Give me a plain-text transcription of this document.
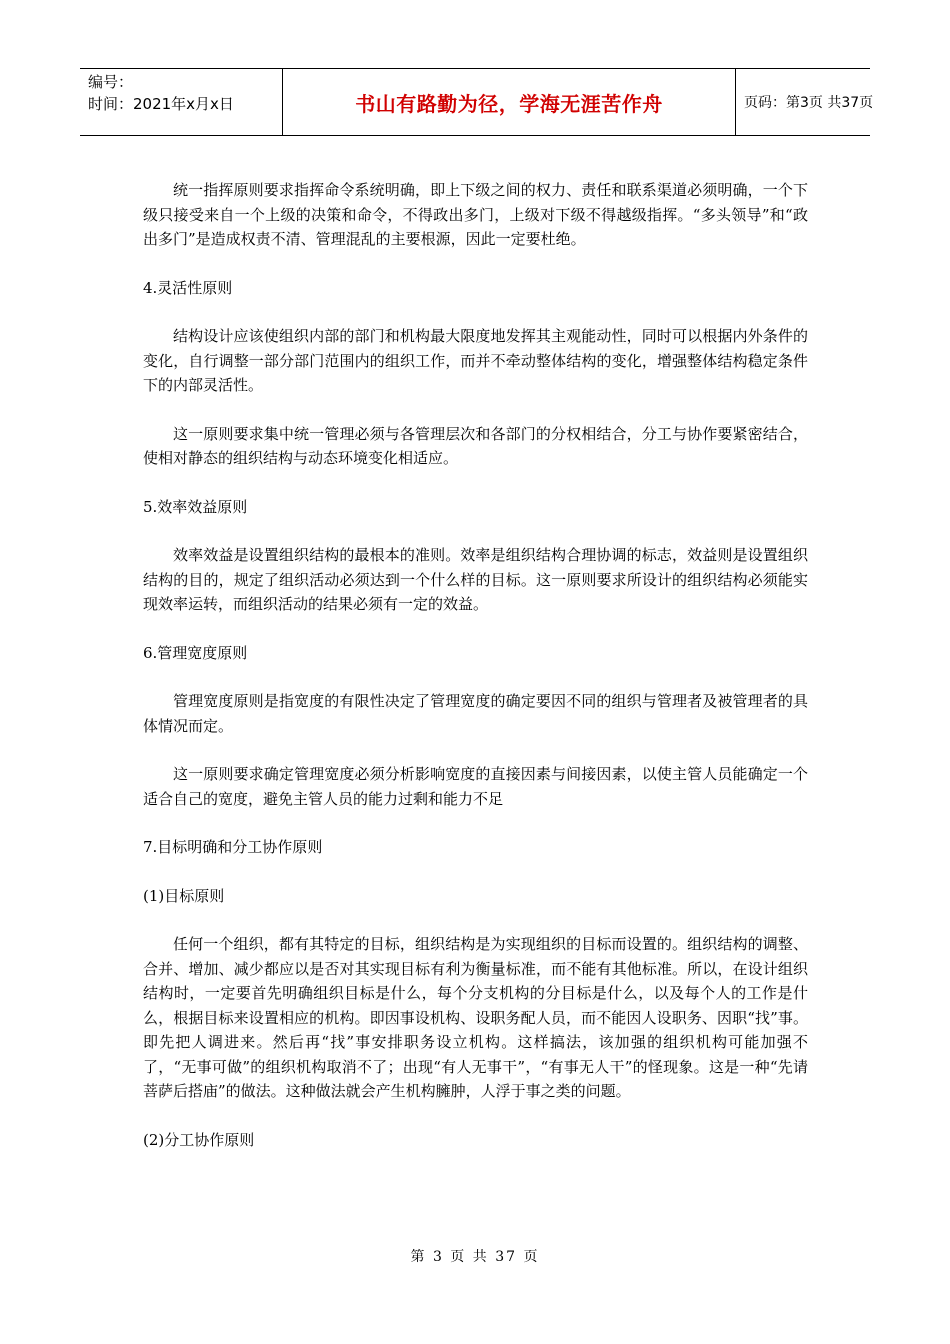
编号：
时间：2021年x月x日	书山有路勤为径，学海无涯苦作舟	页码：第3页 共37页

统一指挥原则要求指挥命令系统明确，即上下级之间的权力、责任和联系渠道必须明确，一个下级只接受来自一个上级的决策和命令，不得政出多门，上级对下级不得越级指挥。“多头领导”和“政出多门”是造成权责不清、管理混乱的主要根源，因此一定要杜绝。

4.灵活性原则

结构设计应该使组织内部的部门和机构最大限度地发挥其主观能动性，同时可以根据内外条件的变化，自行调整一部分部门范围内的组织工作，而并不牵动整体结构的变化，增强整体结构稳定条件下的内部灵活性。

这一原则要求集中统一管理必须与各管理层次和各部门的分权相结合，分工与协作要紧密结合，使相对静态的组织结构与动态环境变化相适应。

5.效率效益原则

效率效益是设置组织结构的最根本的准则。效率是组织结构合理协调的标志，效益则是设置组织结构的目的，规定了组织活动必须达到一个什么样的目标。这一原则要求所设计的组织结构必须能实现效率运转，而组织活动的结果必须有一定的效益。

6.管理宽度原则

管理宽度原则是指宽度的有限性决定了管理宽度的确定要因不同的组织与管理者及被管理者的具体情况而定。

这一原则要求确定管理宽度必须分析影响宽度的直接因素与间接因素，以使主管人员能确定一个适合自己的宽度，避免主管人员的能力过剩和能力不足

7.目标明确和分工协作原则

(1)目标原则

任何一个组织，都有其特定的目标，组织结构是为实现组织的目标而设置的。组织结构的调整、合并、增加、减少都应以是否对其实现目标有利为衡量标准，而不能有其他标准。所以，在设计组织结构时，一定要首先明确组织目标是什么，每个分支机构的分目标是什么，以及每个人的工作是什么，根据目标来设置相应的机构。即因事设机构、设职务配人员，而不能因人设职务、因职“找”事。即先把人调进来。然后再“找”事安排职务设立机构。这样搞法，该加强的组织机构可能加强不了，“无事可做”的组织机构取消不了；出现“有人无事干”，“有事无人干”的怪现象。这是一种“先请菩萨后搭庙”的做法。这种做法就会产生机构臃肿，人浮于事之类的问题。

(2)分工协作原则

第 3 页 共 37 页
